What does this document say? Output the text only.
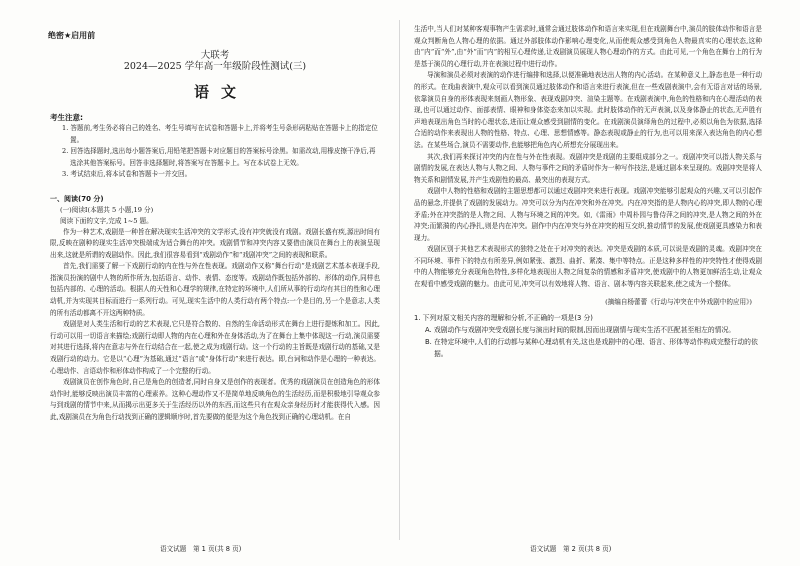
绝密★启用前
大联考
2024—2025 学年高一年级阶段性测试(三)
语文
考生注意:
1. 答题前,考生务必将自己的姓名、考生号填写在试卷和答题卡上,并将考生号条形码粘贴在答题卡上的指定位置。
2. 回答选择题时,选出每小题答案后,用铅笔把答题卡对应题目的答案标号涂黑。如需改动,用橡皮擦干净后,再选涂其他答案标号。回答非选择题时,将答案写在答题卡上。写在本试卷上无效。
3. 考试结束后,将本试卷和答题卡一并交回。
一、阅读(70 分)
(一)阅读Ⅰ(本题共 5 小题,19 分)
阅读下面的文字,完成 1~5 题。

作为一种艺术,戏剧是一种旨在解决现实生活冲突的文学形式,没有冲突就没有戏剧。戏剧长盛有疾,源出时间有限,反映在剧种的现实生活冲突极端成为适合舞台的冲突。戏剧情节和冲突内容又要借由演员在舞台上的表演呈现出来,这就是所谓的戏剧动作。因此,我们很容易看到“戏剧动作”和“戏剧冲突”之间的表现和联系。

首先,我们需要了解一下戏剧行动的内在性与外在性表现。戏剧动作又称“舞台行动”是戏剧艺术基本表现手段,指演员扮演的剧中人物的所作所为,包括语言、动作、表情、态度等。戏剧动作既包括外部的、形体的动作,同样也包括内部的、心理的活动。根据人的天性和心理学的规律,在特定的环境中,人们所从事的行动均有其目的性和心理动机,并为实现其目标而进行一系列行动。可见,现实生活中的人类行动有两个特点:一个是目的,另一个是意志,人类的所有活动都离不开这两种特质。

戏剧是对人类生活和行动的艺术表现,它只是符合数的、自然的生命活动形式在舞台上进行提炼和加工。因此,行动可以用一切语言来描绘;戏剧行动即人物的内在心理和外在身体活动,为了在舞台上集中体现这一行动,演员需要对其进行选择,将内在意志与外在行动结合在一起,使之成为戏剧行动。这一个行动的主旨既是戏剧行动的基础,又是戏剧行动的动力。它是以“心理”为基础,通过“语言”或“身体行动”来进行表达。即,台词和动作是心理的一种表达。心理动作、言语动作和形体动作构成了一个完整的行动。

戏剧演员在创作角色时,自己是角色的创造者,同时自身又是创作的表现者。优秀的戏剧演员在创造角色的形体动作时,能够反映出演员丰富的心理素养。这种心理动作又不是简单地反映角色的生活经历,而是积极地引导观众参与到戏剧的情节中来,从而揭示出更多关于生活经历以外的东西,而这些只有在观众亲身经历时才能获得代入感。因此,戏剧演员在为角色行动找到正确的逻辑顺序时,首先要做的便是为这个角色找到正确的心理动机。在自

生活中,当人们对某种客观事物产生需求时,通常会通过肢体动作和语言来实现,但在戏剧舞台中,演员的肢体动作和语言是观众判断角色人物心理的依据。通过外部肢体动作影响心理变化,从而使观众感受到角色人物最真实的心理状态,这种由“内”而“外”,由“外”而“内”的相互心理传递,让戏剧演员展现人物心理动作的方式。由此可见,一个角色在舞台上的行为是基于演员的心理行动,并在表演过程中进行动作。

导演和演员必须对表演的动作进行编排和选择,以便准确地表达出人物的内心活动。在某种意义上,静态也是一种行动的形式。在戏曲表演中,观众可以看到演员通过肢体动作和语言来进行表演,但在一些戏剧表演中,会有无语言对话的场景,依靠演员自身的形体表现来刻画人物形象、表现戏剧冲突、渲染主题等。在戏剧表演中,角色的性格和内在心理活动的表现,也可以通过动作、面部表情、眼神和身体姿态来加以实现。此时肢体动作的无声表演,以及身体静止的状态,无声胜有声地表现出角色当时的心理状态,进而让观众感受到剧情的变化。在戏剧演员演绎角色的过程中,必须以角色为依据,选择合适的动作来表现出人物的性格、特点、心理、思想情感等。静态表现或静止的行为,也可以用来深入表达角色的内心想法。在某些场合,演员不需要动作,也能够把角色内心所想充分展现出来。

其次,我们再来探讨冲突的内在性与外在性表现。戏剧冲突是戏剧的主要组成部分之一。戏剧冲突可以指人物关系与剧情的发展,在表达人物与人物之间、人物与事件之间的矛盾时作为一种写作技法,是通过剧本来呈现的。戏剧冲突是将人物关系和剧情发展,并产生戏剧性的最高、最突出的表现方式。

戏剧中人物的性格和戏剧的主题思想都可以通过戏剧冲突来进行表现。戏剧冲突能够引起观众的兴趣,又可以引起作品的悬念,并提供了戏剧的发展动力。冲突可以分为内在冲突和外在冲突。内在冲突指的是人物内心的冲突,即人物的心理矛盾;外在冲突指的是人物之间、人物与环境之间的冲突。如,《雷雨》中周朴园与鲁侍萍之间的冲突,是人物之间的外在冲突;而繁漪的内心挣扎,则是内在冲突。剧作中内在冲突与外在冲突的相互交织,推动情节的发展,使戏剧更具感染力和表现力。

戏剧区别于其他艺术表现形式的独特之处在于对冲突的表达。冲突是戏剧的本质,可以说是戏剧的灵魂。戏剧冲突在不同环境、事件下的特点有所差异,例如紧张、激烈、曲折、紧凑、集中等特点。正是这种多样性的冲突特性才使得戏剧中的人物能够充分表现角色特性,多样化地表现出人物之间复杂的情感和矛盾冲突,使戏剧中的人物更加鲜活生动,让观众在观看中感受戏剧的魅力。由此可见,冲突可以有效地将人物、语言、剧本等内容关联起来,使之成为一个整体。

(摘编自杨蕾蕾《行动与冲突在中外戏剧中的应用》)
1. 下列对原文相关内容的理解和分析,不正确的一项是(3 分)
A. 戏剧动作与戏剧冲突受戏剧长度与演出时间的限制,因而出现剧情与现实生活不匹配甚至相左的情况。
B. 在特定环境中,人们的行动都与某种心理动机有关,这也是戏剧中的心理、语言、形体等动作构成完整行动的依据。
语文试题　第 1 页(共 8 页)	语文试题　第 2 页(共 8 页)
